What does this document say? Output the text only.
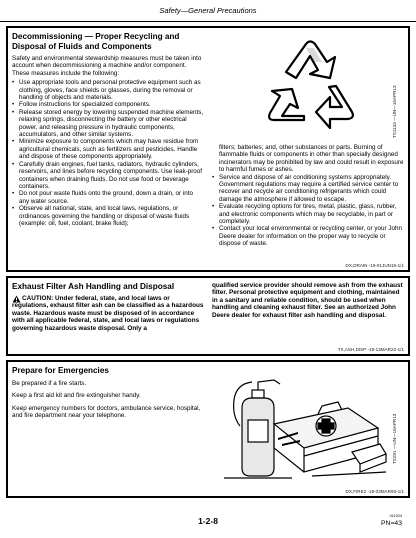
Safety—General Precautions
Decommissioning — Proper Recycling and
Disposal of Fluids and Components

Safety and environmental stewardship measures must be taken into account when decommissioning a machine and/or component. These measures include the following:

• Use appropriate tools and personal protective equipment such as clothing, gloves, face shields or glasses, during the removal or handling of objects and materials.
• Follow instructions for specialized components.
• Release stored energy by lowering suspended machine elements, relaxing springs, disconnecting the battery or other electrical power, and releasing pressure in hydraulic components, accumulators, and other similar systems.
• Minimize exposure to components which may have residue from agricultural chemicals, such as fertilizers and pesticides. Handle and dispose of these components appropriately.
• Carefully drain engines, fuel tanks, radiators, hydraulic cylinders, reservoirs, and lines before recycling components. Use leak-proof containers when draining fluids. Do not use food or beverage containers.
• Do not pour waste fluids onto the ground, down a drain, or into any water source.
• Observe all national, state, and local laws, regulations, or ordinances governing the handling or disposal of waste fluids (example: oil, fuel, coolant, brake fluid);
TS1133 —UN—15APR13

filters; batteries; and, other substances or parts. Burning of flammable fluids or components in other than specially designed incinerators may be prohibited by law and could result in exposure to harmful fumes or ashes.

• Service and dispose of air conditioning systems appropriately. Government regulations may require a certified service center to recover and recycle air conditioning refrigerants which could damage the atmosphere if allowed to escape.
• Evaluate recycling options for tires, metal, plastic, glass, rubber, and electronic components which may be recyclable, in part or completely.
• Contact your local environmental or recycling center, or your John Deere dealer for information on the proper way to recycle or dispose of waste.
DX,DRAIN -19-01JUN15-1/1
Exhaust Filter Ash Handling and Disposal

CAUTION: Under federal, state, and local laws or regulations, exhaust filter ash can be classified as a hazardous waste. Hazardous waste must be disposed of in accordance with all applicable federal, state, and local laws or regulations governing hazardous waste disposal. Only a

qualified service provider should remove ash from the exhaust filter. Personal protective equipment and clothing, maintained in a sanitary and reliable condition, should be used when handling and cleaning exhaust filter. See an authorized John Deere dealer for exhaust filter ash handling and disposal.

TX,ASH,DISP -19-13MAR22-1/1
Prepare for Emergencies

Be prepared if a fire starts.

Keep a first aid kit and fire extinguisher handy.

Keep emergency numbers for doctors, ambulance service, hospital, and fire department near your telephone.	TS291 —UN—15APR13
DX,FIRE2 -19-03MAR93-1/1
1-2-8	011924
PN=43
